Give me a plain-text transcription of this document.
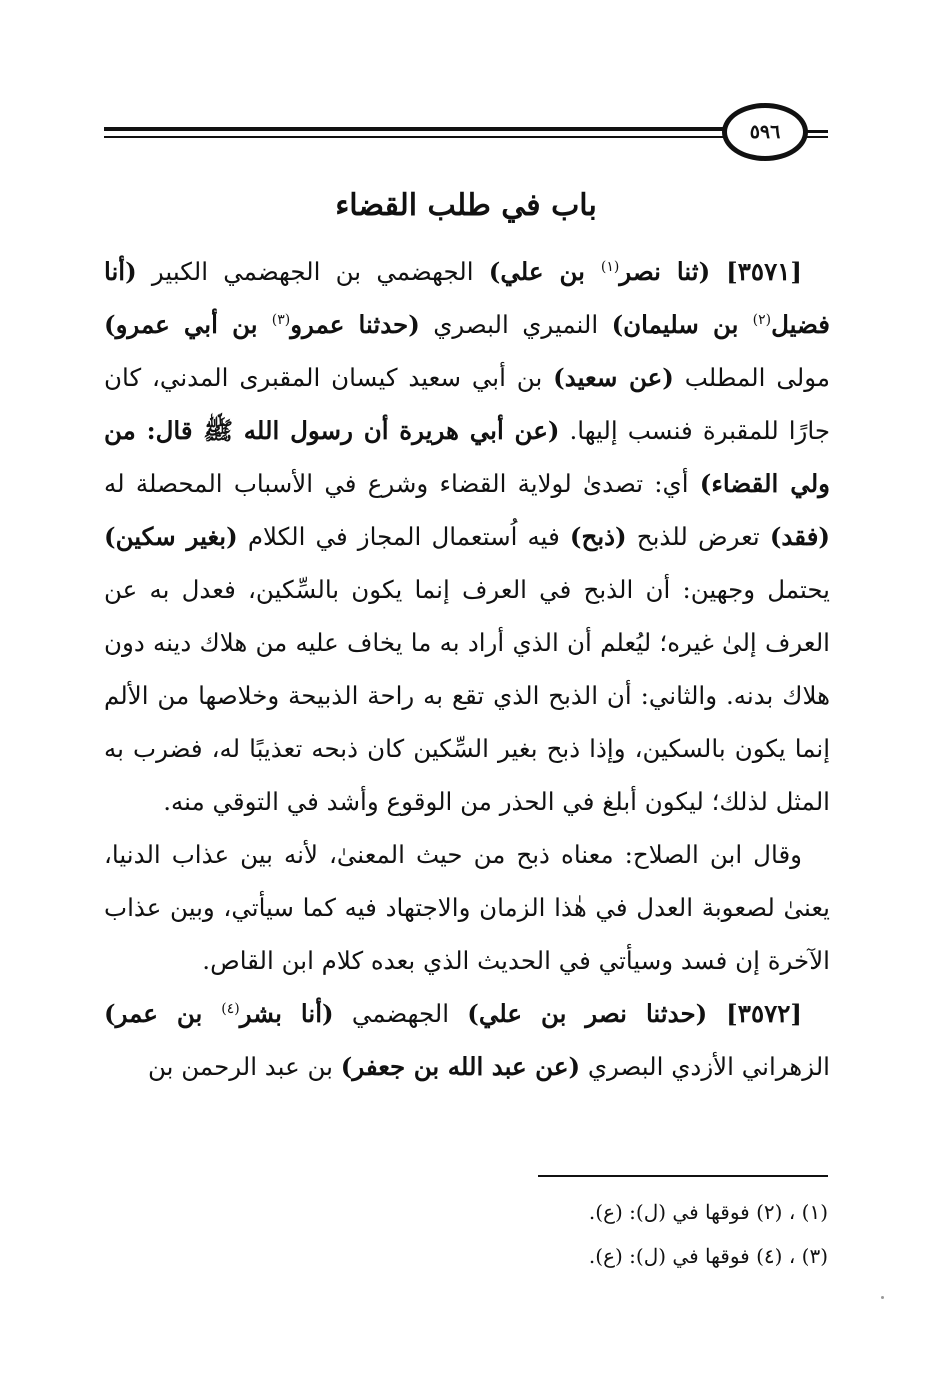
٥٩٦
باب في طلب القضاء

[٣٥٧١] (ثنا نصر$^{(١)}$ بن علي) الجهضمي بن الجهضمي الكبير (أنا فضيل$^{(٢)}$ بن سليمان) النميري البصري (حدثنا عمرو$^{(٣)}$ بن أبي عمرو) مولى المطلب (عن سعيد) بن أبي سعيد كيسان المقبرى المدني، كان جارًا للمقبرة فنسب إليها. (عن أبي هريرة أن رسول الله ﷺ قال: من ولي القضاء) أي: تصدىٰ لولاية القضاء وشرع في الأسباب المحصلة له (فقد) تعرض للذبح (ذبح) فيه اُستعمال المجاز في الكلام (بغير سكين) يحتمل وجهين: أن الذبح في العرف إنما يكون بالسِّكين، فعدل به عن العرف إلىٰ غيره؛ ليُعلم أن الذي أراد به ما يخاف عليه من هلاك دينه دون هلاك بدنه. والثاني: أن الذبح الذي تقع به راحة الذبيحة وخلاصها من الألم إنما يكون بالسكين، وإذا ذبح بغير السِّكين كان ذبحه تعذيبًا له، فضرب به المثل لذلك؛ ليكون أبلغ في الحذر من الوقوع وأشد في التوقي منه.

وقال ابن الصلاح: معناه ذبح من حيث المعنىٰ، لأنه بين عذاب الدنيا، يعنىٰ لصعوبة العدل في هٰذا الزمان والاجتهاد فيه كما سيأتي، وبين عذاب الآخرة إن فسد وسيأتي في الحديث الذي بعده كلام ابن القاص.

[٣٥٧٢] (حدثنا نصر بن علي) الجهضمي (أنا بشر$^{(٤)}$ بن عمر) الزهراني الأزدي البصري (عن عبد الله بن جعفر) بن عبد الرحمن بن

(١) ، (٢) فوقها في (ل): (ع).
(٣) ، (٤) فوقها في (ل): (ع).
